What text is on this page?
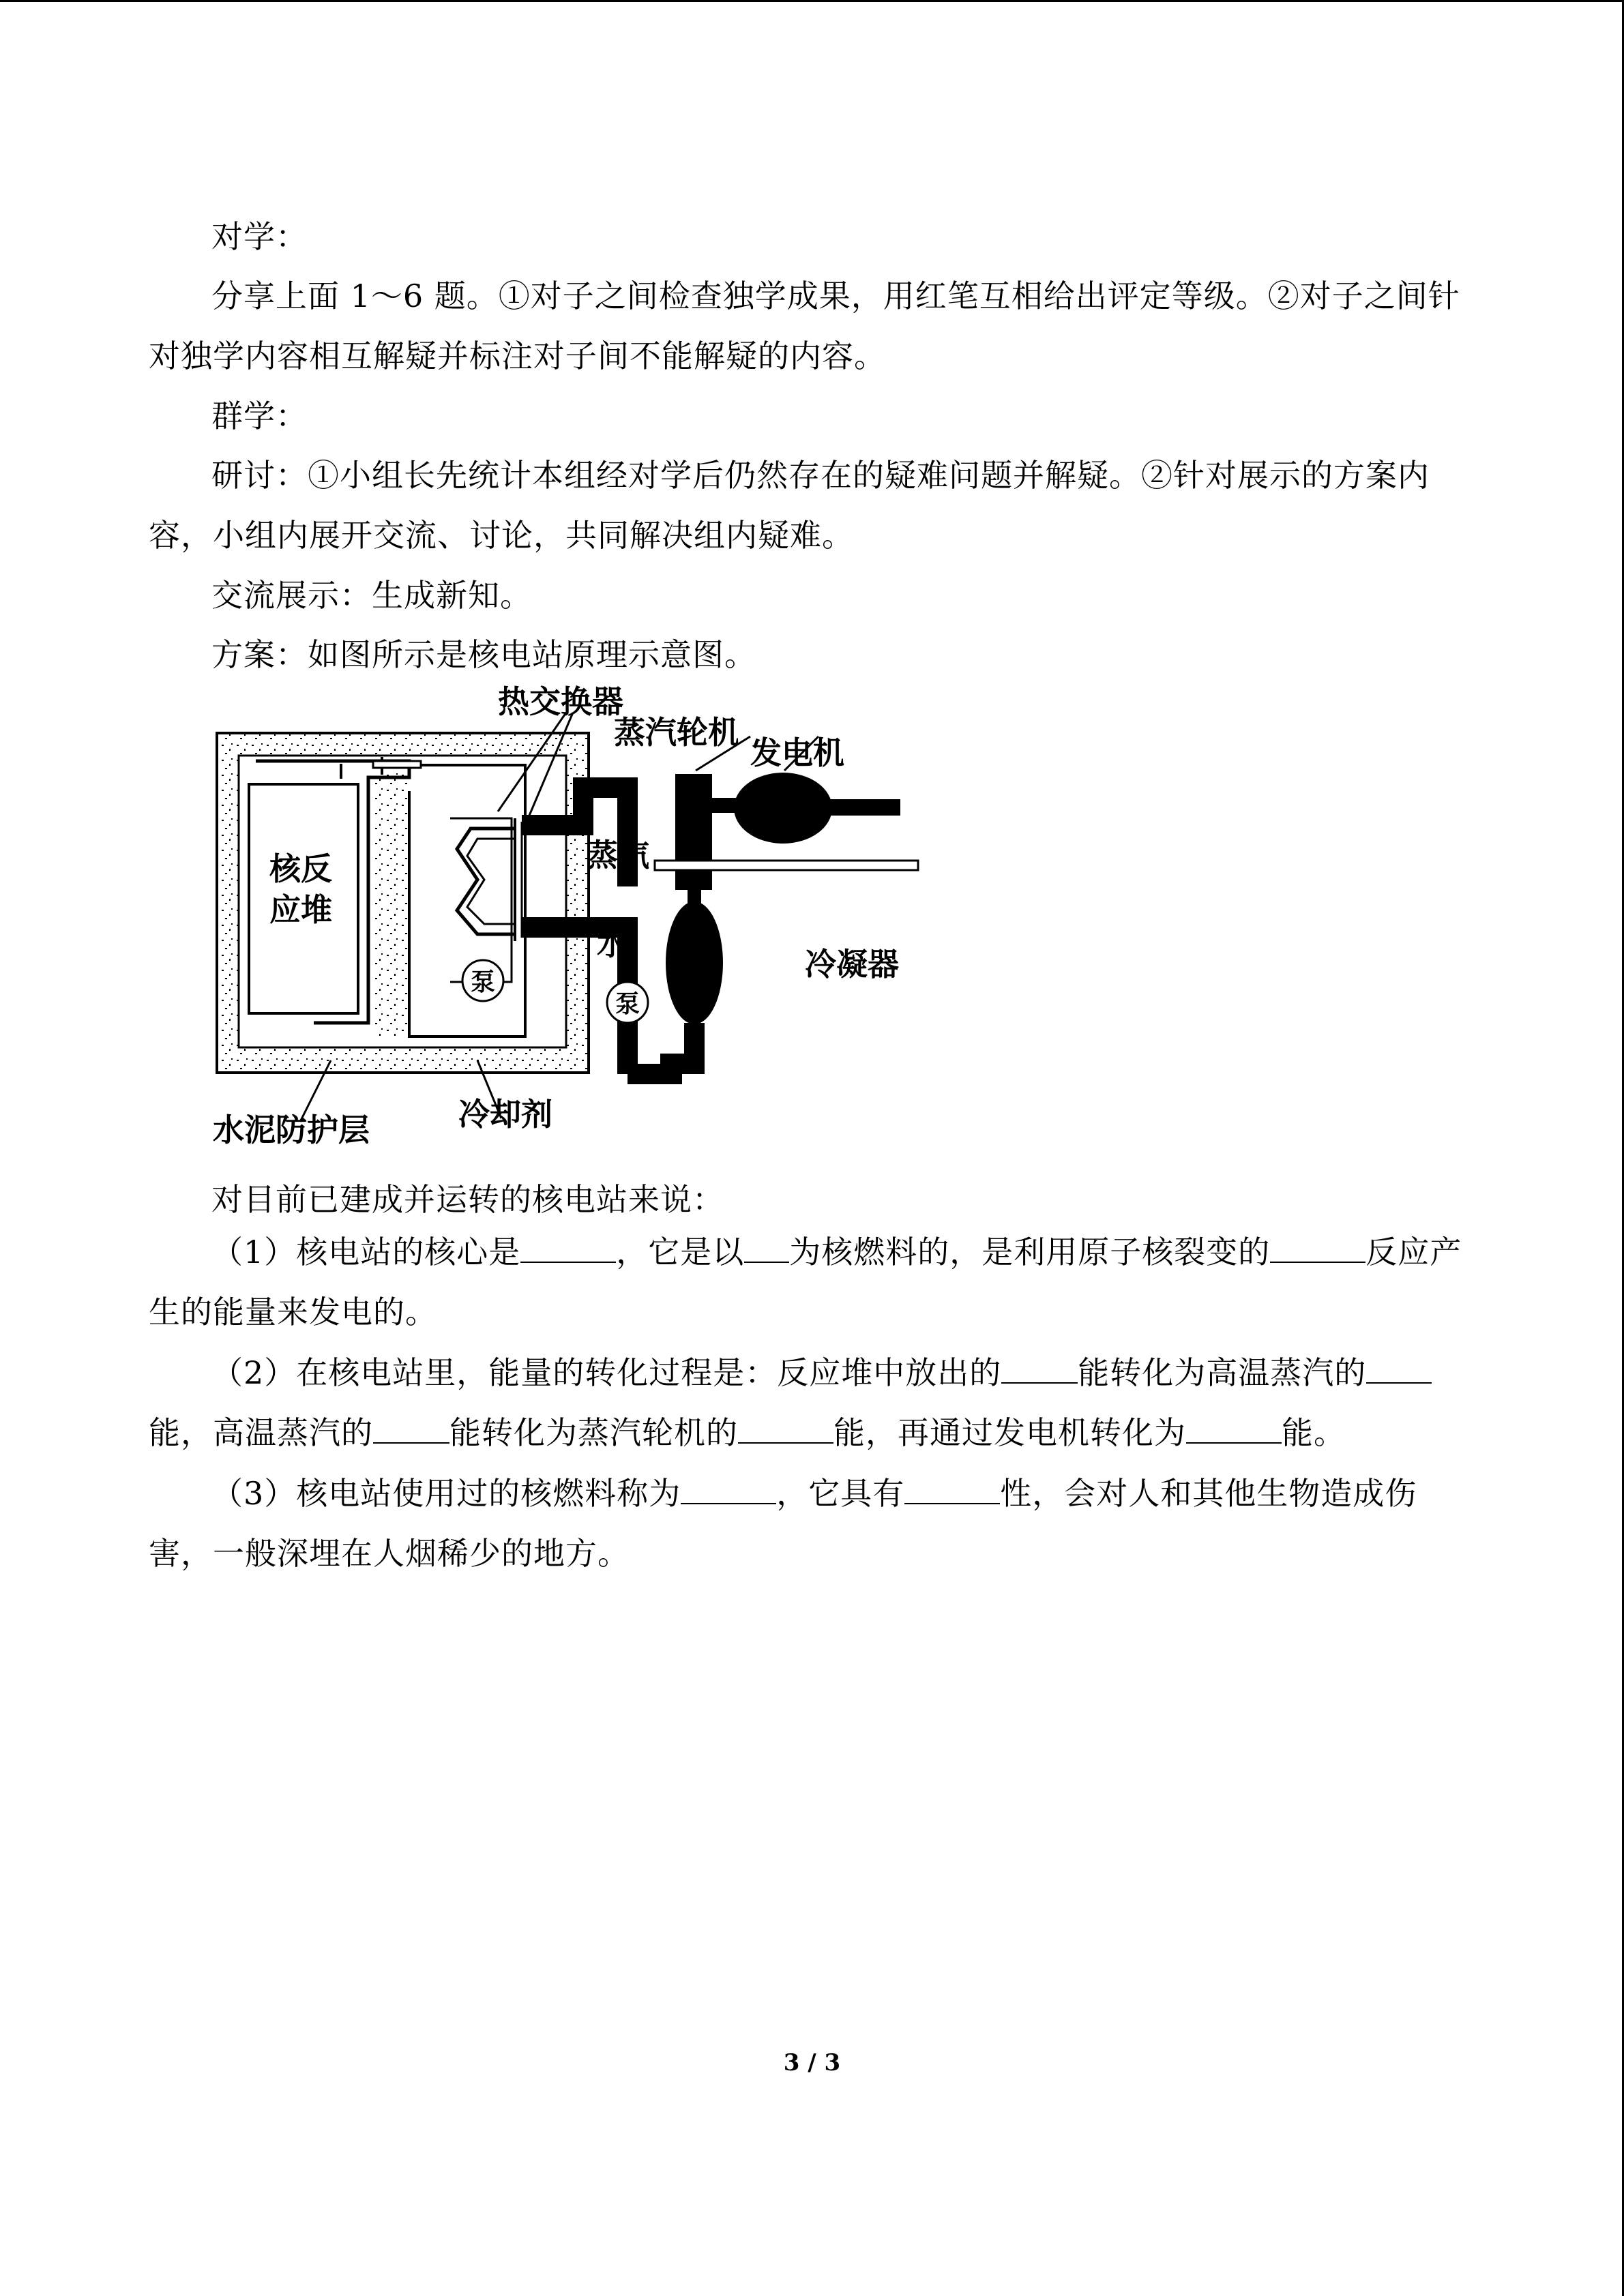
对学：

分享上面 1～6 题。①对子之间检查独学成果，用红笔互相给出评定等级。②对子之间针对独学内容相互解疑并标注对子间不能解疑的内容。

群学：

研讨：①小组长先统计本组经对学后仍然存在的疑难问题并解疑。②针对展示的方案内容，小组内展开交流、讨论，共同解决组内疑难。

交流展示：生成新知。

方案：如图所示是核电站原理示意图。

泵
泵
热交换器
蒸汽轮机
发电机
核反
应堆
蒸汽
水
冷凝器
水泥防护层	冷却剂

对目前已建成并运转的核电站来说：

（1）核电站的核心是	，它是以 为核燃料的，是利用原子核裂变的	反应产生的能量来发电的。

（2）在核电站里，能量的转化过程是：反应堆中放出的 能转化为高温蒸汽的能，高温蒸汽的 能转化为蒸汽轮机的	能，再通过发电机转化为	能。

（3）核电站使用过的核燃料称为	，它具有	性，会对人和其他生物造成伤害，一般深埋在人烟稀少的地方。

3 / 3
